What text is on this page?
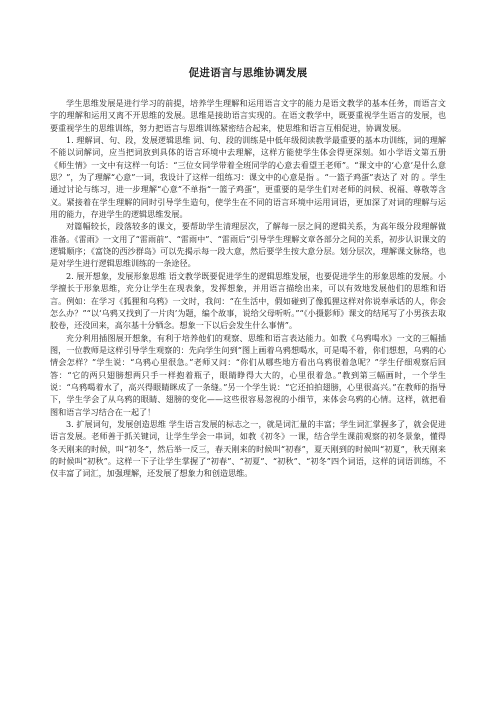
促进语言与思维协调发展

学生思维发展是进行学习的前提，培养学生理解和运用语言文字的能力是语文教学的基本任务，而语言文字的理解和运用又离不开思维的发展。思维是接助语言实现的。在语文教学中，既要重视学生语言的发展，也要重视学生的思维训练，努力把语言与思维训练紧密结合起来，使思维和语言互相促进，协调发展。

1. 理解词、句、段，发展逻辑思维 词、句、段的训练是中低年级阅读教学最重要的基本功训练，词的理解不能以词解词，应当把词放到具体的语言环境中去理解，这样方能使学生体会得更深刻。如小学语文第五册《师生情》一文中有这样一句话：“三位女同学带着全班同学的心意去看望王老师”。“课文中的‘心意’是什么意思？”，为了理解“心意”一词，我设计了这样一组练习：课文中的心意是指 。“一篮子鸡蛋”表达了 对 的 。学生通过讨论与练习，进一步理解“心意”不单指“一篮子鸡蛋”，更重要的是学生们对老师的问候、祝福、尊敬等含义。紧接着在学生理解的同时引导学生造句，使学生在不同的语言环境中运用词语，更加深了对词的理解与运用的能力，存进学生的逻辑思维发展。

对篇幅较长，段落较多的课文，要帮助学生清理层次，了解每一层之间的逻辑关系，为高年级分段理解做准备。《雷雨》一文用了“雷雨前”、“雷雨中”、“雷雨后”引导学生理解文章各部分之间的关系，初步认识课文的逻辑顺序；《富饶的西沙群岛》可以先揭示每一段大意，然后要学生按大意分层。划分层次，理解课文脉络，也是对学生进行逻辑思维训练的一条途径。

2. 展开想象，发展形象思维 语文教学既要促进学生的逻辑思维发展，也要促进学生的形象思维的发展。小学擅长于形象思维，充分让学生在现表象，发挥想象，并用语言描绘出来，可以有效地发展他们的思维和语言。例如：在学习《狐狸和乌鸦》一文时，我问：“在生活中，假如碰到了像狐狸这样对你说奉承话的人，你会怎么办？”“以‘乌鸦又找到了一片肉’为题，编个故事，说给父母听听。”“《小摄影师》课文的结尾写了小男孩去取胶卷，还没回来，高尔基十分牺念。想象一下以后会发生什么事情”。

充分利用插图展开想象，有利于培养他们的观察、思维和语言表达能力。如教《乌鸦喝水》一文的三幅插图，一位教师是这样引导学生观察的：先向学生问到“图上画着乌鸦想喝水，可是喝不着，你们想想，乌鸦的心情会怎样？”学生说：“乌鸦心里很急。”老师又问：“你们从哪些地方看出乌鸦很着急呢？”学生仔细观察后回答：“它的两只翅膀想两只手一样抱着瓶子，眼睛睁得大大的，心里很着急。”教到第三幅画时，一个学生说：“乌鸦喝着水了，高兴得眼睛眯成了一条缝。”另一个学生说：“它还拍拍翅膀，心里很高兴。”在教师的指导下，学生学会了从乌鸦的眼睛、翅膀的变化——这些很容易忽视的小细节，来体会乌鸦的心情。这样，就把看图和语言学习结合在一起了！

3. 扩展词句，发展创造思维 学生语言发展的标志之一，就是词汇量的丰富；学生词汇掌握多了，就会促进语言发展。老师善于抓关键词，让学生学会一串词，如教《初冬》一课，结合学生课前观察的初冬景象，懂得冬天刚来的时候，叫“初冬”，然后举一反三，春天刚来的时候叫“初春”，夏天刚到的时候叫“初夏”，秋天刚来的时候叫“初秋”。这样一下子让学生掌握了“初春”、“初夏”、“初秋”、“初冬”四个词语，这样的词语训练，不仅丰富了词汇，加强理解，还发展了想象力和创造思维。
